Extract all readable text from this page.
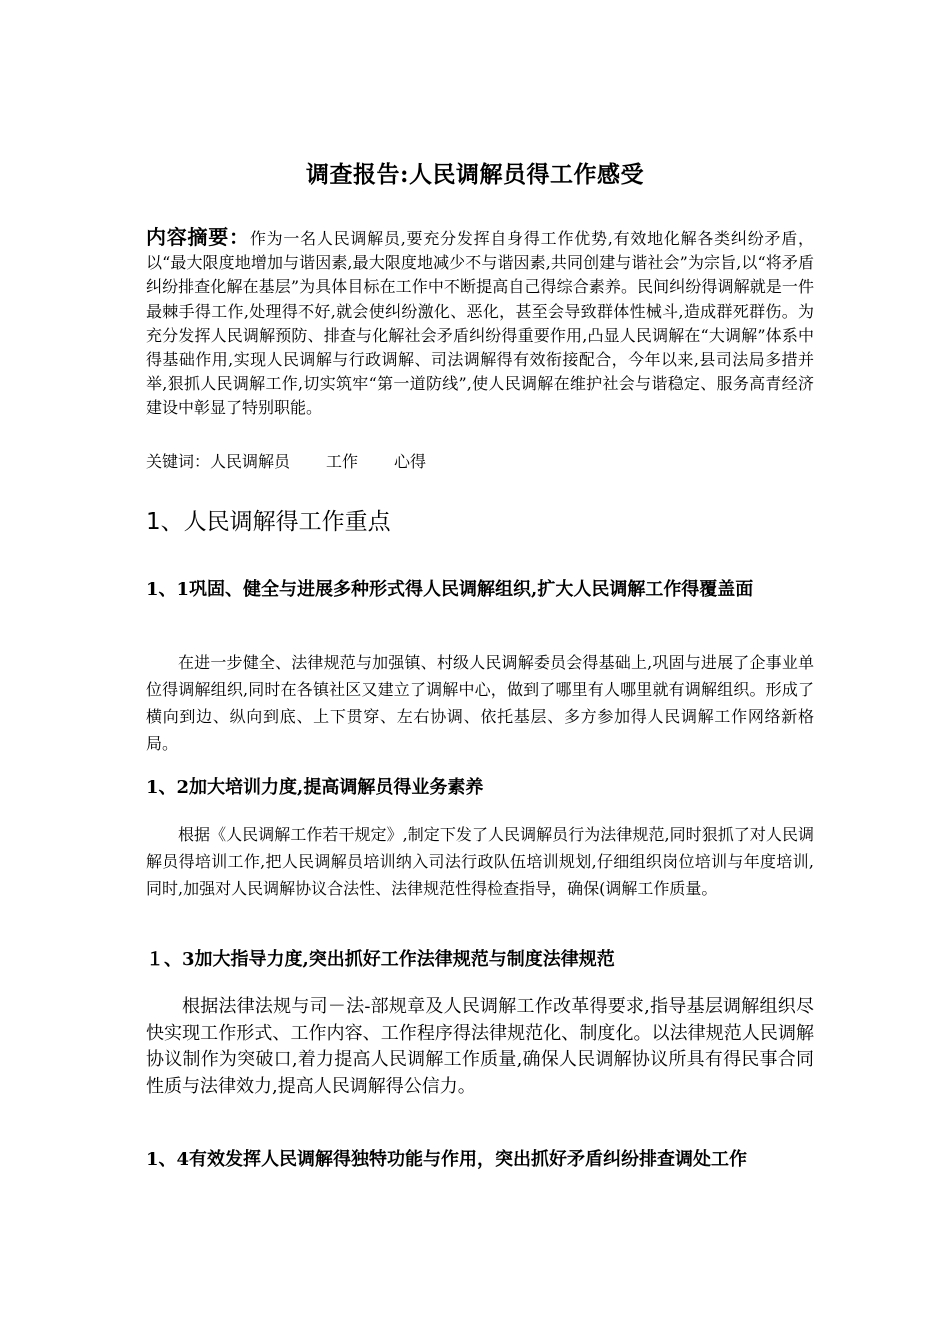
调查报告:人民调解员得工作感受
内容摘要：作为一名人民调解员,要充分发挥自身得工作优势,有效地化解各类纠纷矛盾，以“最大限度地增加与谐因素,最大限度地减少不与谐因素,共同创建与谐社会”为宗旨,以“将矛盾纠纷排查化解在基层”为具体目标在工作中不断提高自己得综合素养。民间纠纷得调解就是一件最棘手得工作,处理得不好,就会使纠纷激化、恶化，甚至会导致群体性械斗,造成群死群伤。为充分发挥人民调解预防、排查与化解社会矛盾纠纷得重要作用,凸显人民调解在“大调解”体系中得基础作用,实现人民调解与行政调解、司法调解得有效衔接配合，今年以来,县司法局多措并举,狠抓人民调解工作,切实筑牢“第一道防线”,使人民调解在维护社会与谐稳定、服务高青经济建设中彰显了特别职能。
关键词：人民调解员 工作 心得
1、人民调解得工作重点
1、1巩固、健全与进展多种形式得人民调解组织,扩大人民调解工作得覆盖面
在进一步健全、法律规范与加强镇、村级人民调解委员会得基础上,巩固与进展了企事业单位得调解组织,同时在各镇社区又建立了调解中心，做到了哪里有人哪里就有调解组织。形成了横向到边、纵向到底、上下贯穿、左右协调、依托基层、多方参加得人民调解工作网络新格局。
1、2加大培训力度,提高调解员得业务素养
根据《人民调解工作若干规定》,制定下发了人民调解员行为法律规范,同时狠抓了对人民调解员得培训工作,把人民调解员培训纳入司法行政队伍培训规划,仔细组织岗位培训与年度培训,同时,加强对人民调解协议合法性、法律规范性得检查指导，确保(调解工作质量。
１、3加大指导力度,突出抓好工作法律规范与制度法律规范
根据法律法规与司－法-部规章及人民调解工作改革得要求,指导基层调解组织尽快实现工作形式、工作内容、工作程序得法律规范化、制度化。以法律规范人民调解协议制作为突破口,着力提高人民调解工作质量,确保人民调解协议所具有得民事合同性质与法律效力,提高人民调解得公信力。
1、4有效发挥人民调解得独特功能与作用，突出抓好矛盾纠纷排查调处工作
